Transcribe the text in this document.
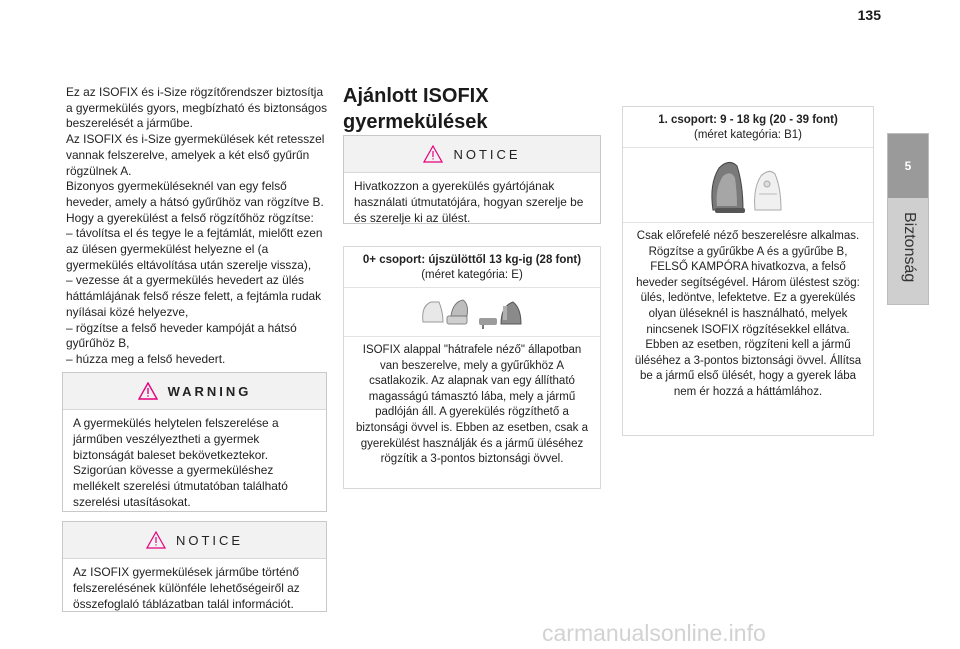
135
5
Biztonság

Ez az ISOFIX és i-Size rögzítőrendszer biztosítja a gyermekülés gyors, megbízható és biztonságos beszerelését a járműbe.

Az ISOFIX és i-Size gyermekülések két retesszel vannak felszerelve, amelyek a két első gyűrűn rögzülnek A.

Bizonyos gyermeküléseknél van egy felső heveder, amely a hátsó gyűrűhöz van rögzítve B.

Hogy a gyerekülést a felső rögzítőhöz rögzítse:

– távolítsa el és tegye le a fejtámlát, mielőtt ezen az ülésen gyermekülést helyezne el (a gyermekülés eltávolítása után szerelje vissza),

– vezesse át a gyermekülés hevedert az ülés háttámlájának felső része felett, a fejtámla rudak nyílásai közé helyezve,

– rögzítse a felső heveder kampóját a hátsó gyűrűhöz B,

– húzza meg a felső hevedert.

WARNING
A gyermekülés helytelen felszerelése a járműben veszélyeztheti a gyermek biztonságát baleset bekövetkeztekor. Szigorúan kövesse a gyermeküléshez mellékelt szerelési útmutatóban található szerelési utasításokat.
NOTICE
Az ISOFIX gyermekülések járműbe történő felszerelésének különféle lehetőségeiről az összefoglaló táblázatban talál információt.
Ajánlott ISOFIX
gyermekülések
NOTICE
Hivatkozzon a gyerekülés gyártójának használati útmutatójára, hogyan szerelje be és szerelje ki az ülést.
0+ csoport: újszülöttől 13 kg-ig (28 font)
(méret kategória: E)
ISOFIX alappal "hátrafele néző" állapotban van beszerelve, mely a gyűrűkhöz A csatlakozik. Az alapnak van egy állítható magasságú támasztó lába, mely a jármű padlóján áll. A gyerekülés rögzíthető a biztonsági övvel is. Ebben az esetben, csak a gyerekülést használják és a jármű üléséhez rögzítik a 3-pontos biztonsági övvel.
1. csoport: 9 - 18 kg (20 - 39 font)
(méret kategória: B1)
Csak előrefelé néző beszerelésre alkalmas. Rögzítse a gyűrűkbe A és a gyűrűbe B, FELSŐ KAMPÓRA hivatkozva, a felső heveder segítségével. Három üléstest szög: ülés, ledöntve, lefektetve. Ez a gyerekülés olyan üléseknél is használható, melyek nincsenek ISOFIX rögzítésekkel ellátva. Ebben az esetben, rögzíteni kell a jármű üléséhez a 3-pontos biztonsági övvel. Állítsa be a jármű első ülését, hogy a gyerek lába nem ér hozzá a háttámlához.
carmanualsonline.info
